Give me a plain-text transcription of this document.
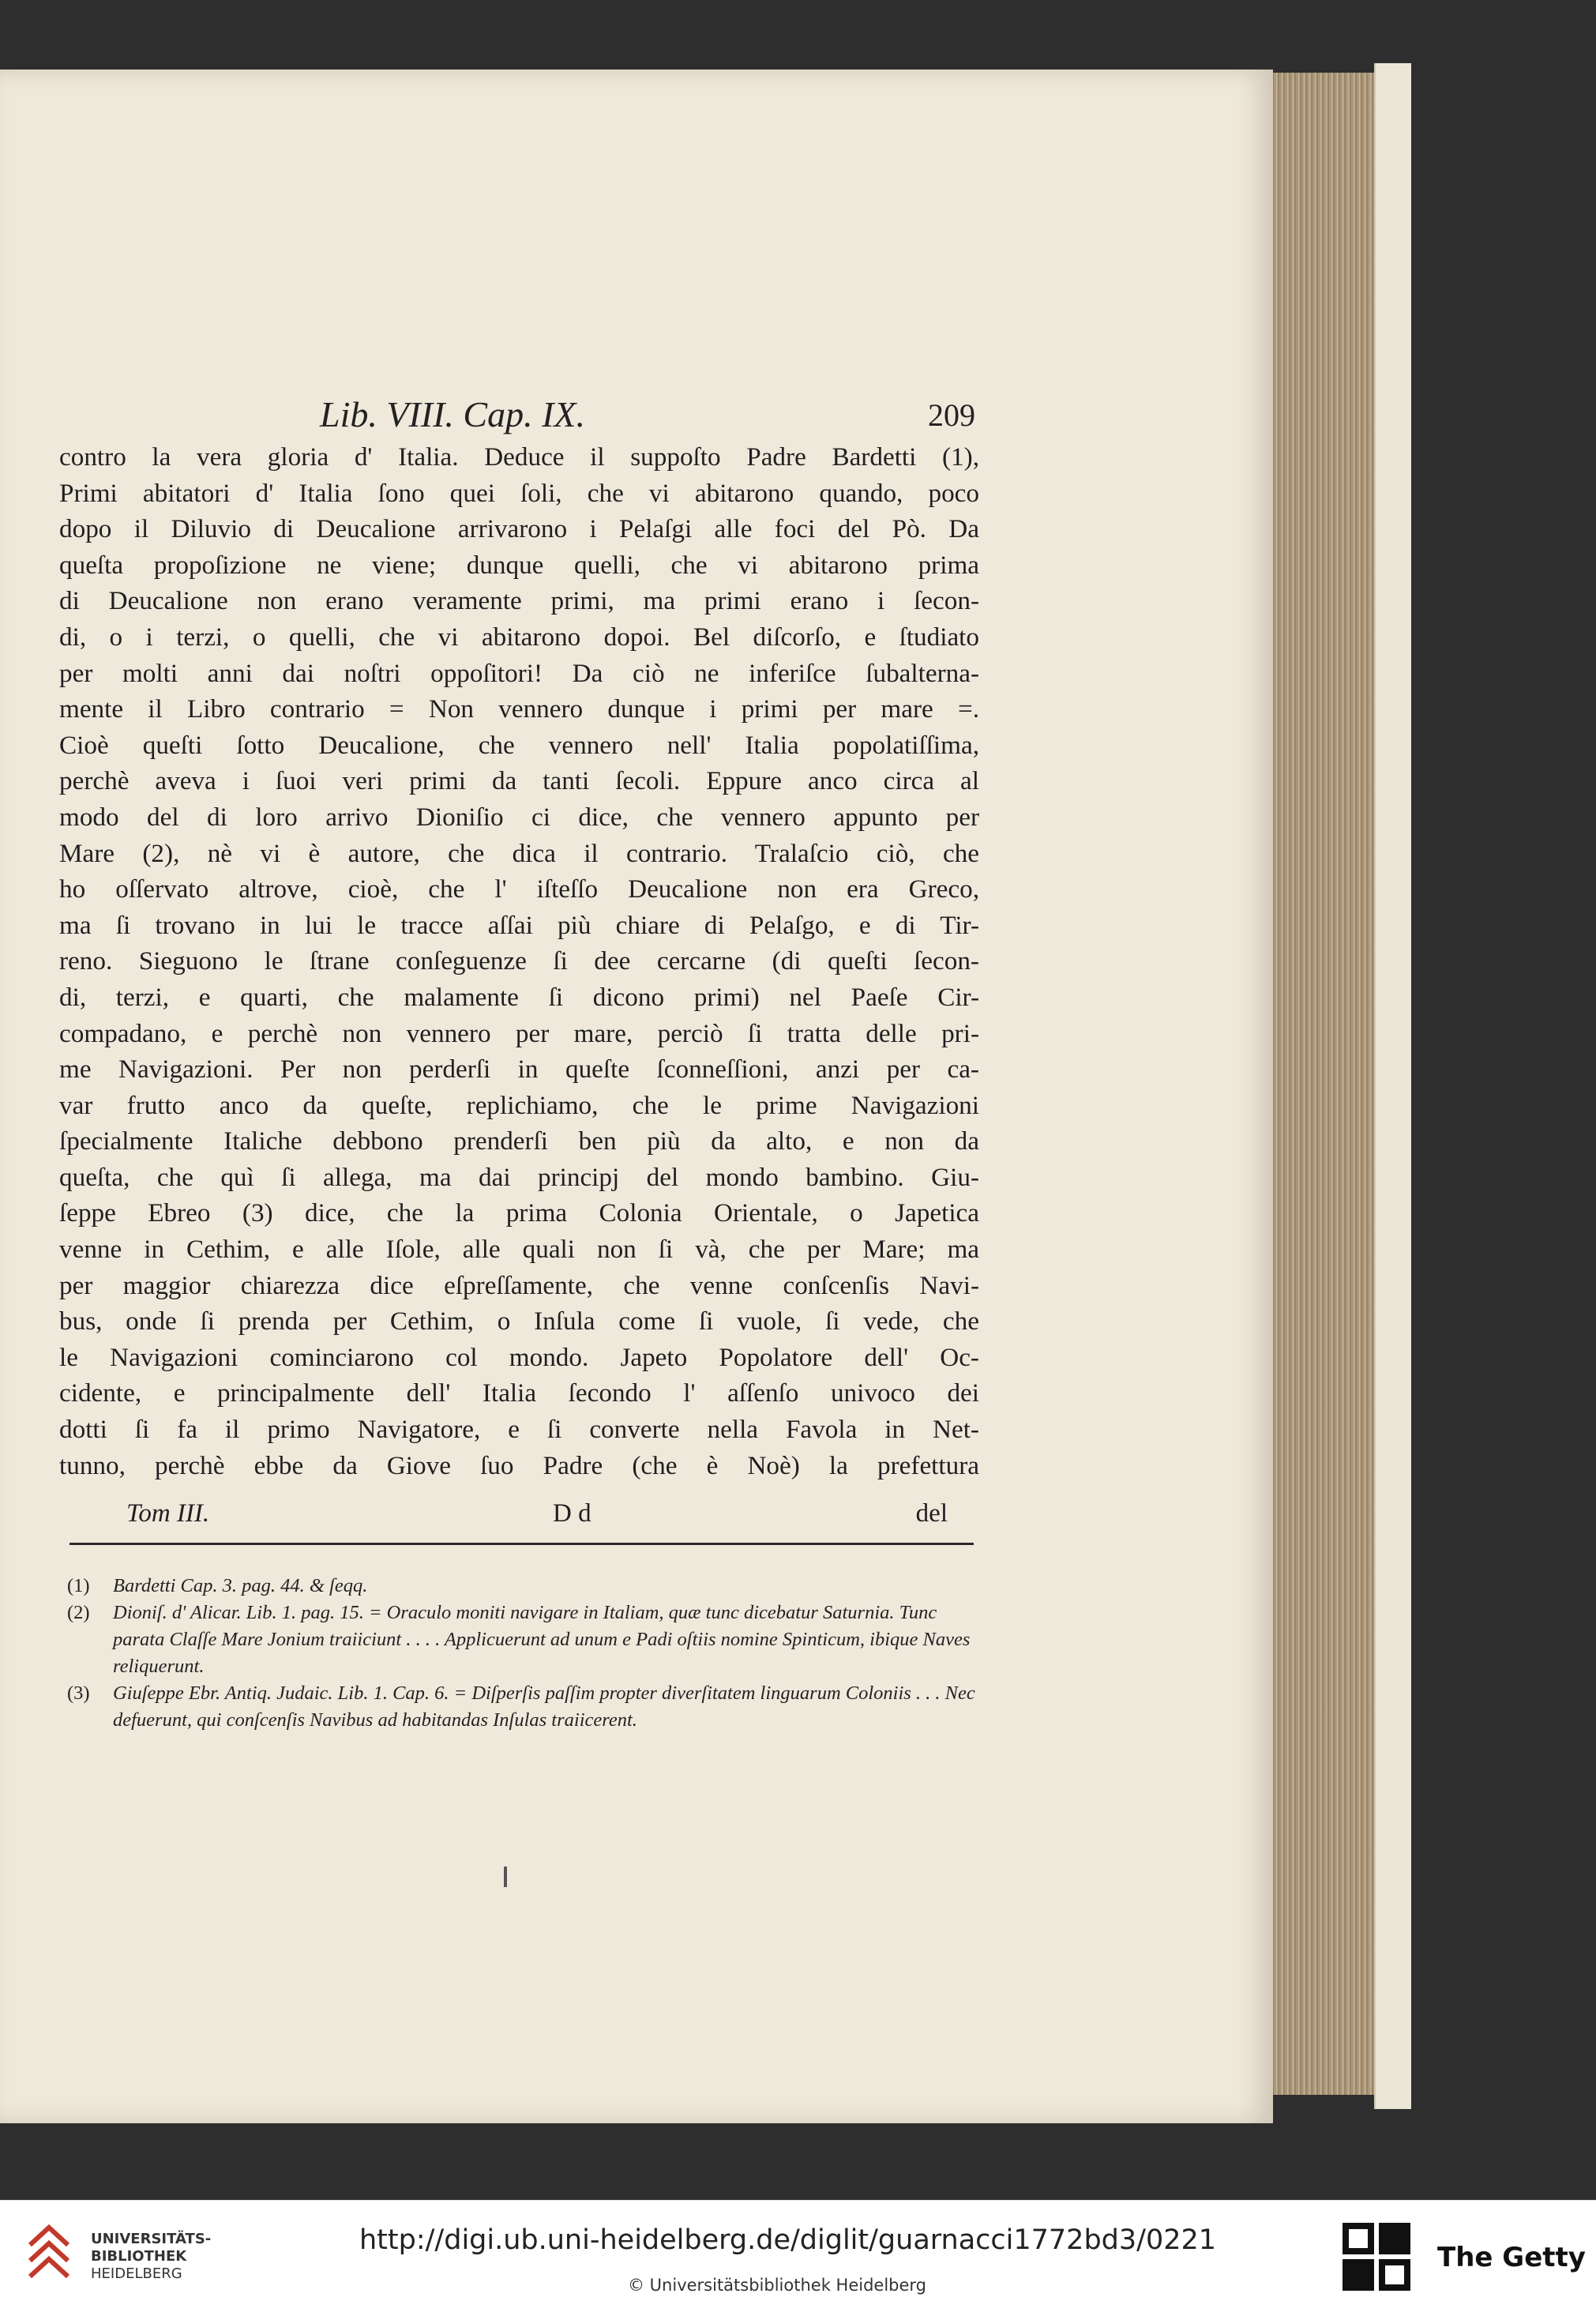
Lib. VIII. Cap. IX.	209
contro la vera gloria d' Italia. Deduce il suppoſto Padre Bardetti (1),
Primi abitatori d' Italia ſono quei ſoli, che vi abitarono quando, poco
dopo il Diluvio di Deucalione arrivarono i Pelaſgi alle foci del Pò. Da
queſta propoſizione ne viene; dunque quelli, che vi abitarono prima
di Deucalione non erano veramente primi, ma primi erano i ſecon-
di, o i terzi, o quelli, che vi abitarono dopoi. Bel diſcorſo, e ſtudiato
per molti anni dai noſtri oppoſitori! Da ciò ne inferiſce ſubalterna-
mente il Libro contrario = Non vennero dunque i primi per mare =.
Cioè queſti ſotto Deucalione, che vennero nell' Italia popolatiſſima,
perchè aveva i ſuoi veri primi da tanti ſecoli. Eppure anco circa al
modo del di loro arrivo Dioniſio ci dice, che vennero appunto per
Mare (2), nè vi è autore, che dica il contrario. Tralaſcio ciò, che
ho oſſervato altrove, cioè, che l' iſteſſo Deucalione non era Greco,
ma ſi trovano in lui le tracce aſſai più chiare di Pelaſgo, e di Tir-
reno. Sieguono le ſtrane conſeguenze ſi dee cercarne (di queſti ſecon-
di, terzi, e quarti, che malamente ſi dicono primi) nel Paeſe Cir-
compadano, e perchè non vennero per mare, perciò ſi tratta delle pri-
me Navigazioni. Per non perderſi in queſte ſconneſſioni, anzi per ca-
var frutto anco da queſte, replichiamo, che le prime Navigazioni
ſpecialmente Italiche debbono prenderſi ben più da alto, e non da
queſta, che quì ſi allega, ma dai principj del mondo bambino. Giu-
ſeppe Ebreo (3) dice, che la prima Colonia Orientale, o Japetica
venne in Cethim, e alle Iſole, alle quali non ſi và, che per Mare; ma
per maggior chiarezza dice eſpreſſamente, che venne conſcenſis Navi-
bus, onde ſi prenda per Cethim, o Inſula come ſi vuole, ſi vede, che
le Navigazioni cominciarono col mondo. Japeto Popolatore dell' Oc-
cidente, e principalmente dell' Italia ſecondo l' aſſenſo univoco dei
dotti ſi fa il primo Navigatore, e ſi converte nella Favola in Net-
tunno, perchè ebbe da Giove ſuo Padre (che è Noè) la prefettura
Tom III.	D d	del
(1) Bardetti Cap. 3. pag. 44. & ſeqq.
(2) Dioniſ. d' Alicar. Lib. 1. pag. 15. = Oraculo moniti navigare in Italiam, quæ tunc dicebatur Saturnia. Tunc parata Claſſe Mare Jonium traiiciunt . . . . Applicuerunt ad unum e Padi oſtiis nomine Spinticum, ibique Naves reliquerunt.
(3) Giuſeppe Ebr. Antiq. Judaic. Lib. 1. Cap. 6. = Diſperſis paſſim propter diverſitatem linguarum Coloniis . . . Nec defuerunt, qui conſcenſis Navibus ad habitandas Inſulas traiicerent.
UNIVERSITÄTS-
BIBLIOTHEK
HEIDELBERG
http://digi.ub.uni-heidelberg.de/diglit/guarnacci1772bd3/0221
© Universitätsbibliothek Heidelberg
The Getty
